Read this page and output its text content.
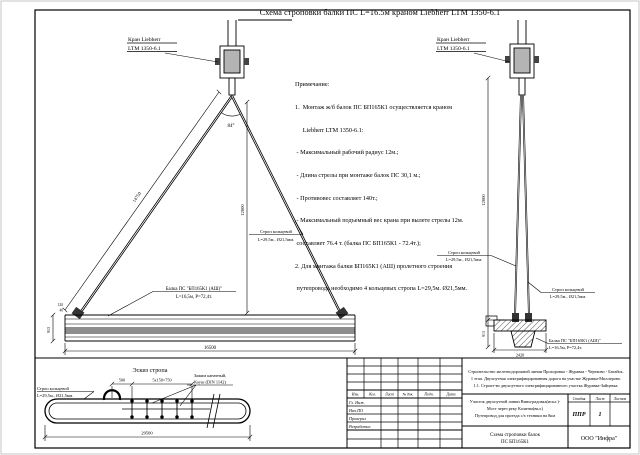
84°
12000
14750
913
120
40
16500
Балка ПС "БП165К1 (АШ)"
L=16,5м, Р=72,4т.
Строп кольцевой
L=29,5м., Ø21,5мм.
Кран Liebherr
LTM 1350-6.1
Кран Liebherr
LTM 1350-6.1
12000
913
2420
Строп кольцевой
L=29,5м., Ø21,5мм.
Строп кольцевой
L=29,5м., Ø21,5мм.
Балка ПС "БП165К1 (АШ)"
L=16,5м, Р=72,4т.
Эскиз стропа
500	5х150=750
Зажим канатный,
Коуш (DIN 1142)
Строп кольцевой
L=29,5м., Ø21,5мм.
29500
Изм.	Кол. Лист № док.	Подп.	Дата
Гл. Инж.
Нач.ПО
Проверил
Разработал
Строительство железнодорожной линии Прохоровка - Журавка - Чертково - Батайск.
1 этап. Двухпутная электрифицированная дорога на участке Журавка-Миллерово.
1.1. Строит-во двухпутного электрифицированного участка Журавка-Зайцевка.
Участок двухпутной линии Виноградовка(искл.)-
Мост через реку Калитва(вкл.)
Путепровод для проезда с/х техники на 8км
Стадия	Лист Листов
ППР 1
Схема строповки балок
ПС БП165К1
ООО "Инфра"
Схема строповки балки ПС L=16.5м краном Liebherr LTM 1350-6.1

Примечание:

1.  Монтаж ж/б балок ПС БП165К1 осуществляется краном

Liebherr LTM 1350-6.1:

- Максимальный рабочий радиус 12м.;

- Длина стрелы при монтаже балок ПС 30,1 м.;

- Противовес составляет 140т.;

- Максимальный подъемный вес крана при вылете стрелы 12м.

составляет 76.4 т. (балка ПС БП165К1 - 72.4т.);

2. Для монтажа балки БП165К1 (АШ) пролетного строения

путепровода необходимо 4 кольцевых стропа L=29,5м. Ø21,5мм.
